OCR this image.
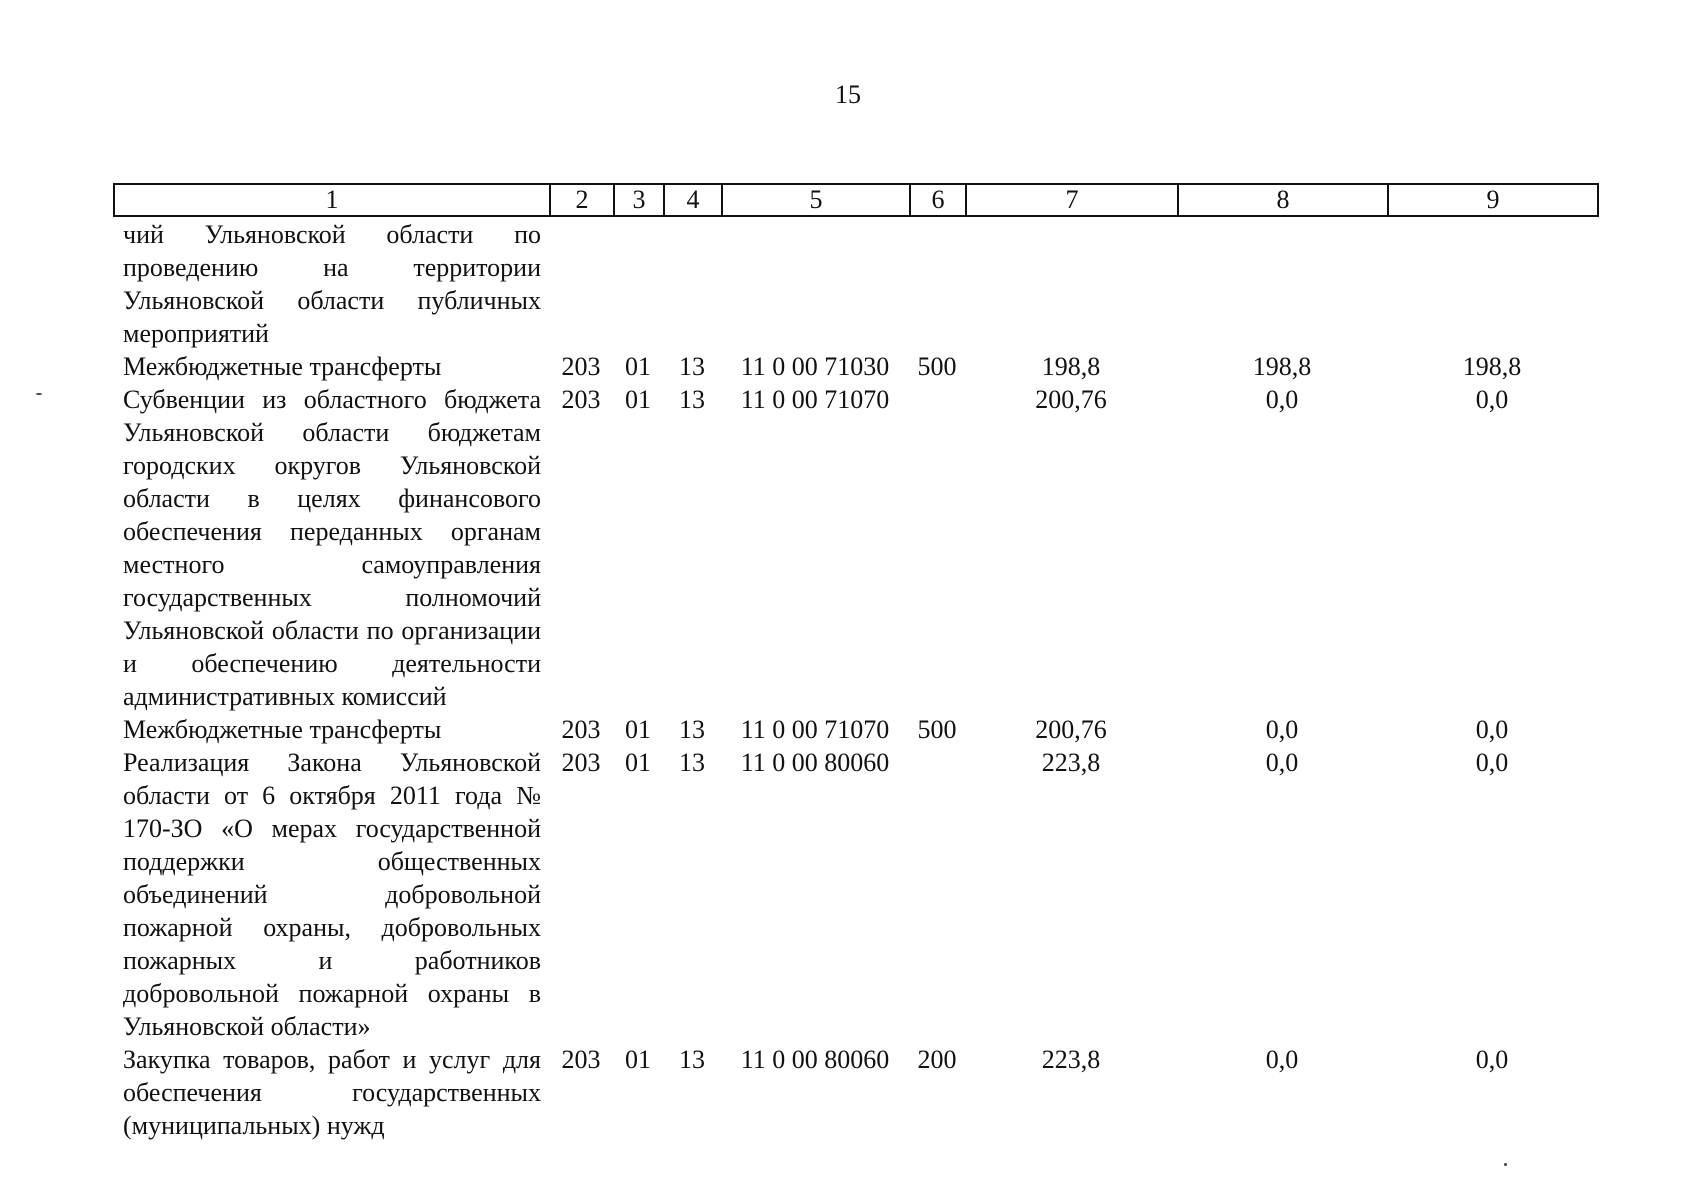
15
1	2	3	4	5	6	7	8	9
чий Ульяновской области по проведению на территории Ульяновской области публичных мероприятий								
Межбюджетные трансферты	203	01	13	11 0 00 71030	500	198,8	198,8	198,8
Субвенции из областного бюджета Ульяновской области бюджетам городских округов Ульяновской области в целях финансового обеспечения переданных органам местного самоуправления государственных полномочий Ульяновской области по организации и обеспечению деятельности административных комиссий	203	01	13	11 0 00 71070		200,76	0,0	0,0
Межбюджетные трансферты	203	01	13	11 0 00 71070	500	200,76	0,0	0,0
Реализация Закона Ульяновской области от 6 октября 2011 года № 170-ЗО «О мерах государственной поддержки общественных объединений добровольной пожарной охраны, добровольных пожарных и работников добровольной пожарной охраны в Ульяновской области»	203	01	13	11 0 00 80060		223,8	0,0	0,0
Закупка товаров, работ и услуг для обеспечения государственных (муниципальных) нужд	203	01	13	11 0 00 80060	200	223,8	0,0	0,0
